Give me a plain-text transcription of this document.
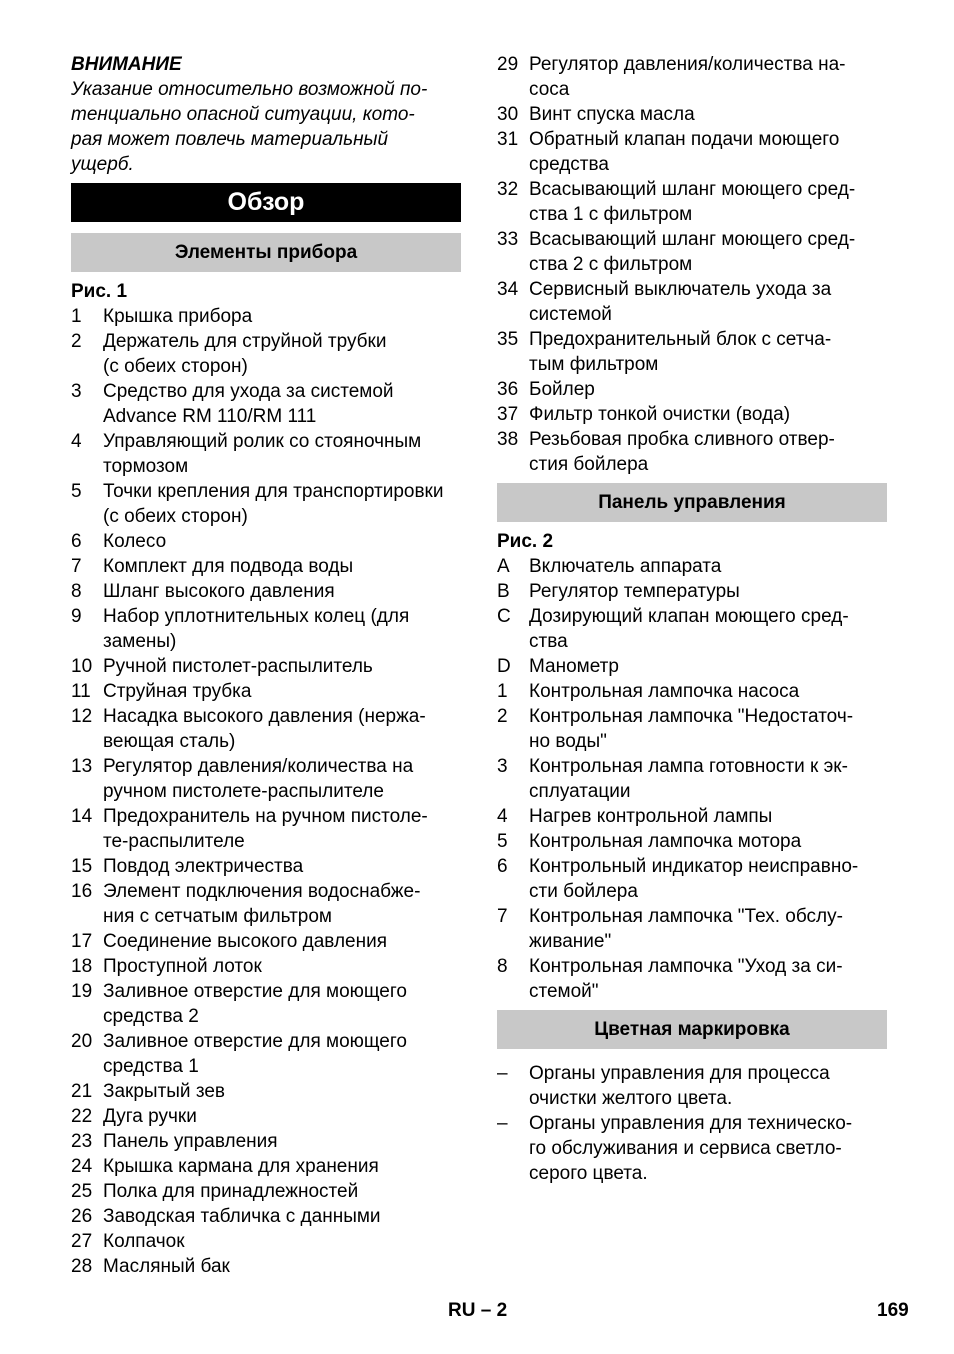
ВНИМАНИЕ
Указание относительно возможной по-
тенциально опасной ситуации, кото-
рая может повлечь материальный
ущерб.
Обзор
Элементы прибора
Рис. 1
1	Крышка прибора
2	Держатель для струйной трубки
(с обеих сторон)
3	Средство для ухода за системой
Advance RM 110/RM 111
4	Управляющий ролик со стояночным
тормозом
5	Точки крепления для транспортировки
(с обеих сторон)
6	Колесо
7	Комплект для подвода воды
8	Шланг высокого давления
9	Набор уплотнительных колец (для
замены)
10 Ручной пистолет-распылитель
11 Струйная трубка
12 Насадка высокого давления (нержа-
веющая сталь)
13 Регулятор давления/количества на
ручном пистолете-распылителе
14 Предохранитель на ручном пистоле-
те-распылителе
15 Повдод электричества
16 Элемент подключения водоснабже-
ния с сетчатым фильтром
17 Соединение высокого давления
18 Проступной лоток
19 Заливное отверстие для моющего
средства 2
20 Заливное отверстие для моющего
средства 1
21 Закрытый зев
22 Дуга ручки
23 Панель управления
24 Крышка кармана для хранения
25 Полка для принадлежностей
26 Заводская табличка с данными
27 Колпачок
28 Масляный бак
29 Регулятор давления/количества на-
соса
30 Винт спуска масла
31 Обратный клапан подачи моющего
средства
32 Всасывающий шланг моющего сред-
ства 1 с фильтром
33 Всасывающий шланг моющего сред-
ства 2 с фильтром
34 Сервисный выключатель ухода за
системой
35 Предохранительный блок с сетча-
тым фильтром
36 Бойлер
37 Фильтр тонкой очистки (вода)
38 Резьбовая пробка сливного отвер-
стия бойлера
Панель управления
Рис. 2
A	Включатель аппарата
B	Регулятор температуры
C Дозирующий клапан моющего сред-
ства
D Манометр
1	Контрольная лампочка насоса
2	Контрольная лампочка "Недостаточ-
но воды"
3	Контрольная лампа готовности к эк-
сплуатации
4	Нагрев контрольной лампы
5	Контрольная лампочка мотора
6	Контрольный индикатор неисправно-
сти бойлера
7	Контрольная лампочка "Тех. обслу-
живание"
8	Контрольная лампочка "Уход за си-
стемой"
Цветная маркировка
–	Органы управления для процесса
очистки желтого цвета.
–	Органы управления для техническо-
го обслуживания и сервиса светло-
серого цвета.
RU – 2	169
